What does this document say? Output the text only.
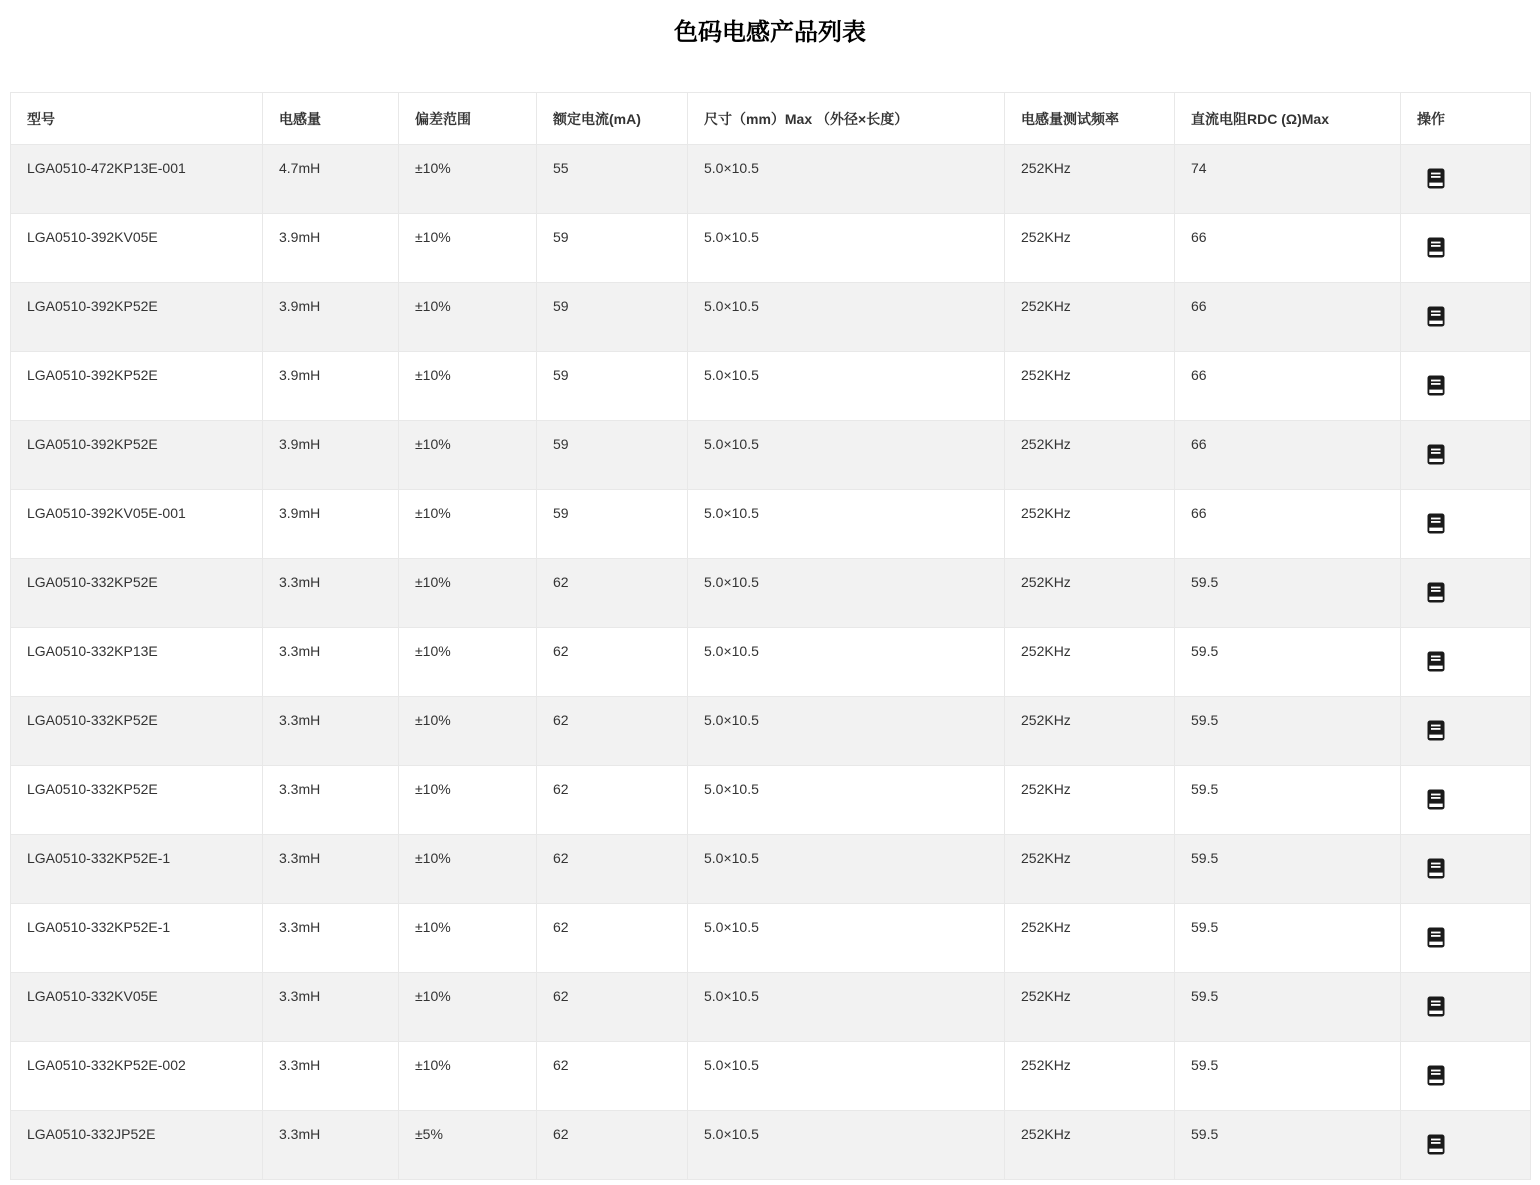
色码电感产品列表
型号	电感量	偏差范围	额定电流(mA)	尺寸（mm）Max （外径×长度）	电感量测试频率	直流电阻RDC (Ω)Max	操作
LGA0510-472KP13E-001	4.7mH	±10%	55	5.0×10.5	252KHz	74	
LGA0510-392KV05E	3.9mH	±10%	59	5.0×10.5	252KHz	66	
LGA0510-392KP52E	3.9mH	±10%	59	5.0×10.5	252KHz	66	
LGA0510-392KP52E	3.9mH	±10%	59	5.0×10.5	252KHz	66	
LGA0510-392KP52E	3.9mH	±10%	59	5.0×10.5	252KHz	66	
LGA0510-392KV05E-001	3.9mH	±10%	59	5.0×10.5	252KHz	66	
LGA0510-332KP52E	3.3mH	±10%	62	5.0×10.5	252KHz	59.5	
LGA0510-332KP13E	3.3mH	±10%	62	5.0×10.5	252KHz	59.5	
LGA0510-332KP52E	3.3mH	±10%	62	5.0×10.5	252KHz	59.5	
LGA0510-332KP52E	3.3mH	±10%	62	5.0×10.5	252KHz	59.5	
LGA0510-332KP52E-1	3.3mH	±10%	62	5.0×10.5	252KHz	59.5	
LGA0510-332KP52E-1	3.3mH	±10%	62	5.0×10.5	252KHz	59.5	
LGA0510-332KV05E	3.3mH	±10%	62	5.0×10.5	252KHz	59.5	
LGA0510-332KP52E-002	3.3mH	±10%	62	5.0×10.5	252KHz	59.5	
LGA0510-332JP52E	3.3mH	±5%	62	5.0×10.5	252KHz	59.5	
